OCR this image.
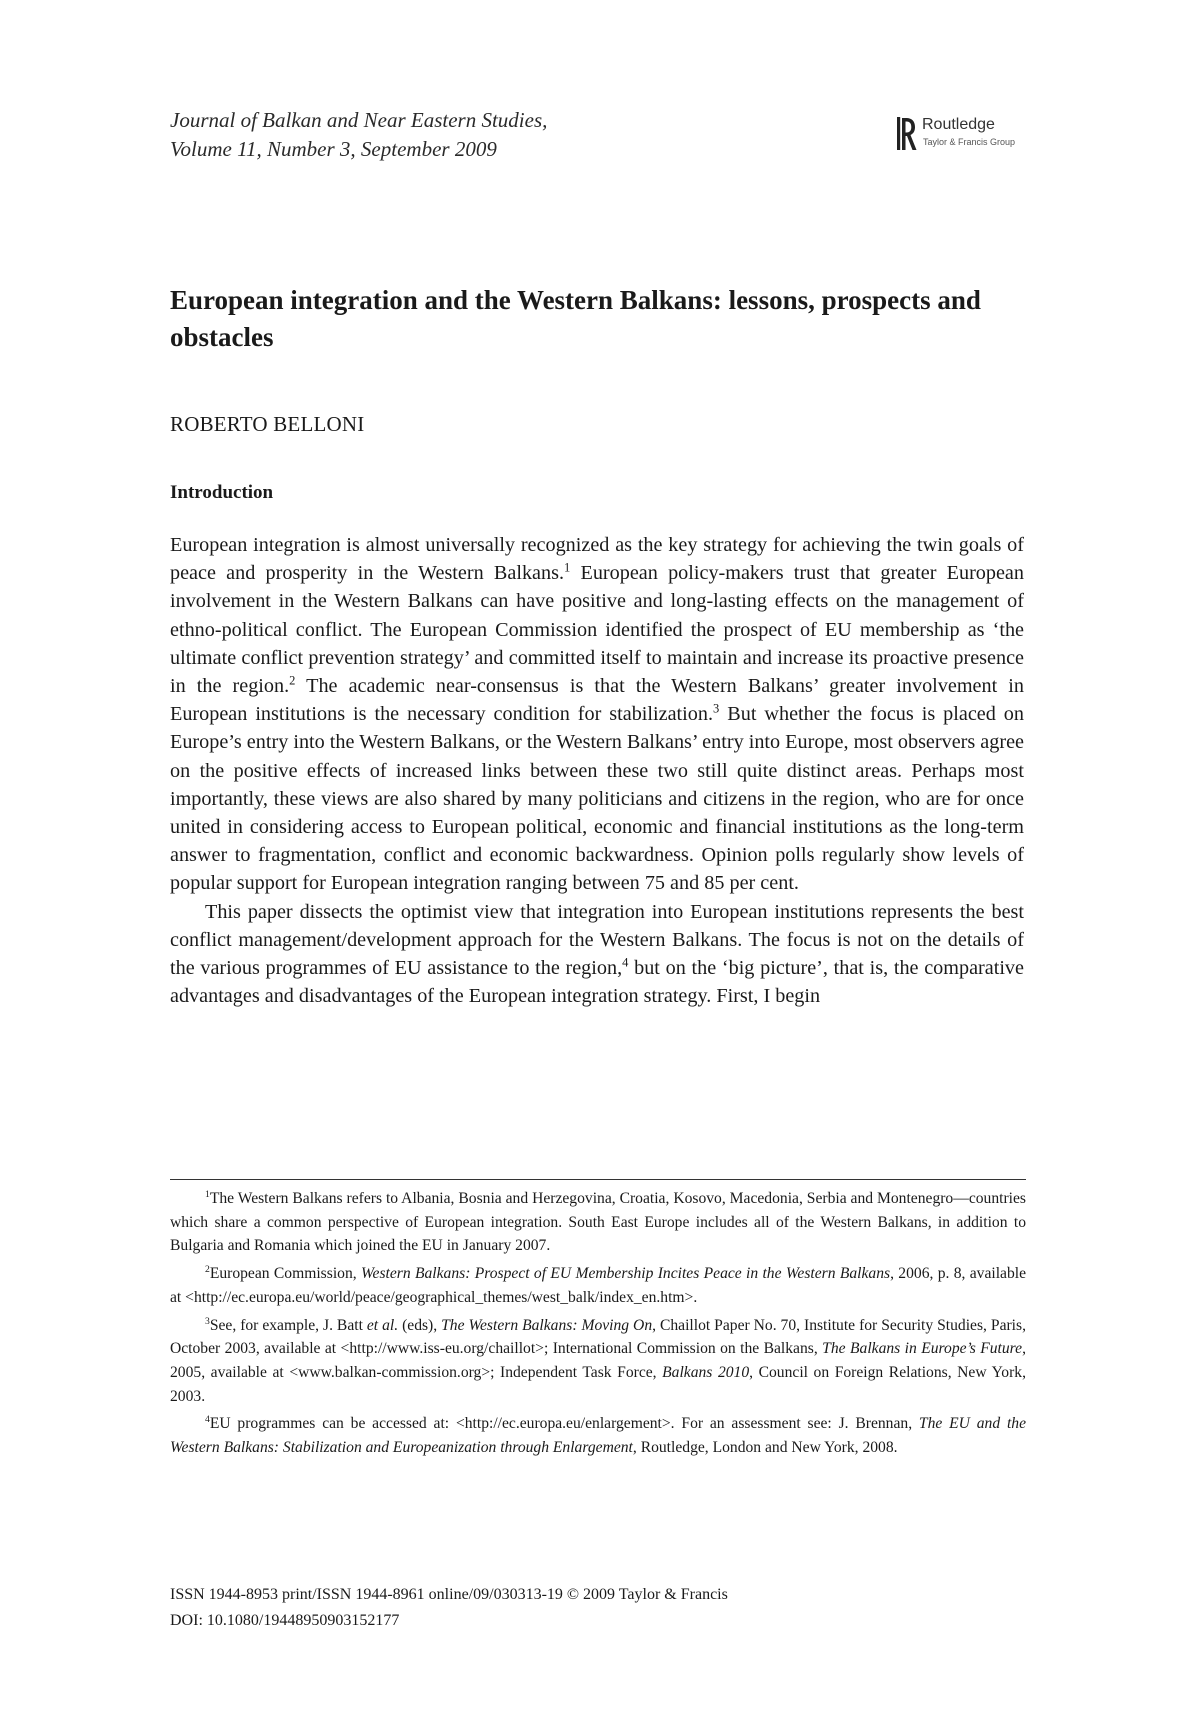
Journal of Balkan and Near Eastern Studies,
Volume 11, Number 3, September 2009
Routledge
Taylor & Francis Group
European integration and the Western Balkans: lessons, prospects and obstacles
ROBERTO BELLONI
Introduction

European integration is almost universally recognized as the key strategy for achieving the twin goals of peace and prosperity in the Western Balkans.$^1$ European policy-makers trust that greater European involvement in the Western Balkans can have positive and long-lasting effects on the management of ethno-political conflict. The European Commission identified the prospect of EU membership as ‘the ultimate conflict prevention strategy’ and committed itself to maintain and increase its proactive presence in the region.$^2$ The academic near-consensus is that the Western Balkans’ greater involvement in European institutions is the necessary condition for stabilization.$^3$ But whether the focus is placed on Europe’s entry into the Western Balkans, or the Western Balkans’ entry into Europe, most observers agree on the positive effects of increased links between these two still quite distinct areas. Perhaps most importantly, these views are also shared by many politicians and citizens in the region, who are for once united in considering access to European political, economic and financial institutions as the long-term answer to fragmentation, conflict and economic backwardness. Opinion polls regularly show levels of popular support for European integration ranging between 75 and 85 per cent.

This paper dissects the optimist view that integration into European institutions represents the best conflict management/development approach for the Western Balkans. The focus is not on the details of the various programmes of EU assistance to the region,$^4$ but on the ‘big picture’, that is, the comparative advantages and disadvantages of the European integration strategy. First, I begin

$^1$The Western Balkans refers to Albania, Bosnia and Herzegovina, Croatia, Kosovo, Macedonia, Serbia and Montenegro—countries which share a common perspective of European integration. South East Europe includes all of the Western Balkans, in addition to Bulgaria and Romania which joined the EU in January 2007.

$^2$European Commission, Western Balkans: Prospect of EU Membership Incites Peace in the Western Balkans, 2006, p. 8, available at <http://ec.europa.eu/world/peace/geographical_themes/west_balk/index_en.htm>.

$^3$See, for example, J. Batt et al. (eds), The Western Balkans: Moving On, Chaillot Paper No. 70, Institute for Security Studies, Paris, October 2003, available at <http://www.iss-eu.org/chaillot>; International Commission on the Balkans, The Balkans in Europe’s Future, 2005, available at <www.balkan-commission.org>; Independent Task Force, Balkans 2010, Council on Foreign Relations, New York, 2003.

$^4$EU programmes can be accessed at: <http://ec.europa.eu/enlargement>. For an assessment see: J. Brennan, The EU and the Western Balkans: Stabilization and Europeanization through Enlargement, Routledge, London and New York, 2008.

ISSN 1944-8953 print/ISSN 1944-8961 online/09/030313-19 © 2009 Taylor & Francis
DOI: 10.1080/19448950903152177
